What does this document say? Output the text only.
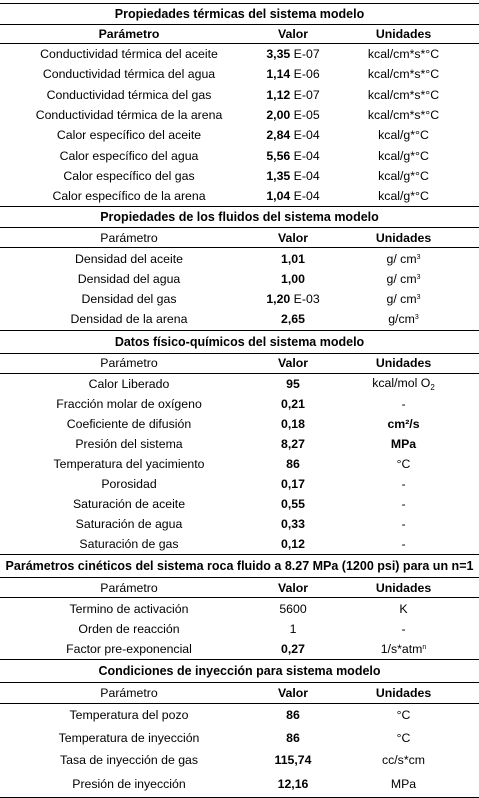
Propiedades térmicas del sistema modelo
Parámetro	Valor	Unidades
Conductividad térmica del aceite	3,35 E-07	kcal/cm*s*°C
Conductividad térmica del agua	1,14 E-06	kcal/cm*s*°C
Conductividad térmica del gas	1,12 E-07	kcal/cm*s*°C
Conductividad térmica de la arena	2,00 E-05	kcal/cm*s*°C
Calor específico del aceite	2,84 E-04	kcal/g*°C
Calor específico del agua	5,56 E-04	kcal/g*°C
Calor específico del gas	1,35 E-04	kcal/g*°C
Calor específico de la arena	1,04 E-04	kcal/g*°C
Propiedades de los fluidos del sistema modelo
Parámetro	Valor	Unidades
Densidad del aceite	1,01	g/ $cm^3$
Densidad del agua	1,00	g/ $cm^3$
Densidad del gas	1,20 E-03	g/ $cm^3$
Densidad de la arena	2,65	$g/cm^3$
Datos físico-químicos del sistema modelo
Parámetro	Valor	Unidades
Calor Liberado	95	kcal/mol $O_2$
Fracción molar de oxígeno	0,21	-
Coeficiente de difusión	0,18	cm²/s
Presión del sistema	8,27	MPa
Temperatura del yacimiento	86	°C
Porosidad	0,17	-
Saturación de aceite	0,55	-
Saturación de agua	0,33	-
Saturación de gas	0,12	-
Parámetros cinéticos del sistema roca fluido a 8.27 MPa (1200 psi) para un n=1
Parámetro	Valor	Unidades
Termino de activación	5600	K
Orden de reacción	1	-
Factor pre-exponencial	0,27	1/s*atm$^n$
Condiciones de inyección para sistema modelo
Parámetro	Valor	Unidades
Temperatura del pozo	86	°C
Temperatura de inyección	86	°C
Tasa de inyección de gas	115,74	cc/s*cm
Presión de inyección	12,16	MPa
